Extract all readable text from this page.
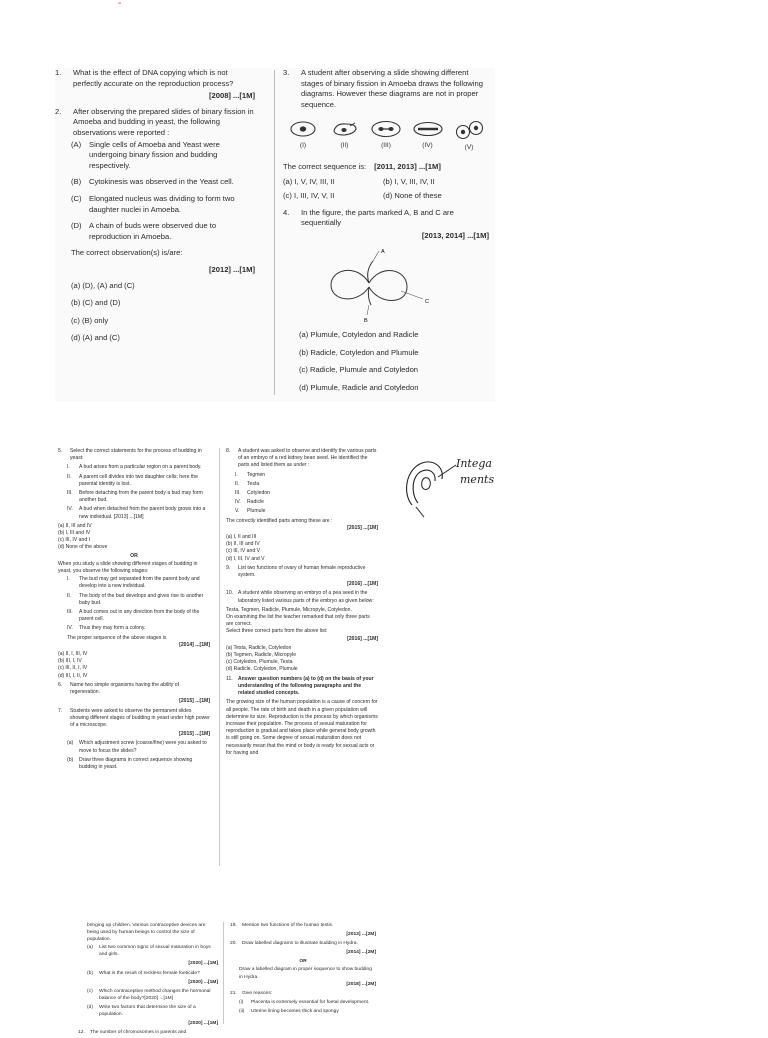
-
1.	What is the effect of DNA copying which is not perfectly accurate on the reproduction process?
[2008] ...[1M]
2.	After observing the prepared slides of binary fission in Amoeba and budding in yeast, the following observations were reported :
(A)	Single cells of Amoeba and Yeast were undergoing binary fission and budding respectively.
(B)	Cytokinesis was observed in the Yeast cell.
(C) Elongated nucleus was dividing to form two daughter nuclei in Amoeba.
(D) A chain of buds were observed due to reproduction in Amoeba.
The correct observation(s) is/are:
[2012] ...[1M]
(a) (D), (A) and (C)
(b) (C) and (D)
(c) (B) only
(d) (A) and (C)
3.	A student after observing a slide showing different stages of binary fission in Amoeba draws the following diagrams. However these diagrams are not in proper sequence.
(I)	(II)	(III)	(IV)	(V)
The correct sequence is: [2011, 2013] ...[1M]
(a) I, V, IV, III, II	(b) I, V, III, IV, II
(c) I, III, IV, V, II	(d) None of these
4.	In the figure, the parts marked A, B and C are sequentially
[2013, 2014] ...[1M]
A
B
C
(a) Plumule, Cotyledon and Radicle
(b) Radicle, Cotyledon and Plumule
(c) Radicle, Plumule and Cotyledon
(d) Plumule, Radicle and Cotyledon
5.	Select the correct statements for the process of budding in yeast:
I.	A bud arises from a particular region on a parent body.
II.	A parent cell divides into two daughter cells; here the parental identity is lost.
III.	Before detaching from the parent body a bud may form another bud.
IV.	A bud when detached from the parent body grows into a new individual. [2013] ...[1M]
(a) II, III and IV
(b) I, III and IV
(c) III, IV and I
(d) None of the above
OR
When you study a slide showing different stages of budding in yeast, you observe the following stages:
I.	The bud may get separated from the parent body and develop into a new individual.
II.	The body of the bud develops and gives rise to another baby bud.
III.	A bud comes out in any direction from the body of the parent cell.
IV.	Thus they may form a colony.
The proper sequence of the above stages is
[2014] ...[1M]
(a) II, I, III, IV
(b) III, I, IV
(c) III, II, I, IV
(d) III, I, II, IV
6.	Name two simple organisms having the ability of regeneration.
[2015] ...[1M]
7.	Students were asked to observe the permanent slides showing different stages of budding in yeast under high power of a microscope.
[2015] ...[1M]
(a)	Which adjustment screw (coarse/fine) were you asked to move to focus the slides?
(b)	Draw three diagrams in correct sequence showing budding in yeast.
8.	A student was asked to observe and identify the various parts of an embryo of a red kidney bean seed. He identified the parts and listed them as under :
I.	Tegmen
II.	Testa
III.	Cotyledon
IV.	Radicle
V.	Plumule
The correctly identified parts among these are :
[2015] ...[1M]
(a) I, II and III
(b) II, III and IV
(c) III, IV and V
(d) I, III, IV and V
9.	List two functions of ovary of human female reproductive system.
[2016] ...[1M]
10. A student while observing an embryo of a pea seed in the laboratory listed various parts of the embryo as given below:
Testa, Tegmen, Radicle, Plumule, Micropyle, Cotyledon.
On examining the list the teacher remarked that only three parts are correct.
Select three correct parts from the above list:
[2016] ...[1M]
(a) Testa, Radicle, Cotyledon
(b) Tegmen, Radicle, Micropyle
(c) Cotyledon, Plumule, Testa
(d) Radicle, Cotyledon, Plumule
11.	Answer question numbers (a) to (d) on the basis of your understanding of the following paragraphs and the related studied concepts.
The growing size of the human population is a cause of concern for all people. The rate of birth and death in a given population will determine its size. Reproduction is the process by which organisms increase their population. The process of sexual maturation for reproduction is gradual and takes place while general body growth is still going on. Some degree of sexual maturation does not necessarily mean that the mind or body is ready for sexual acts or for having and
Intega
ments
bringing up children. Various contraceptive devices are being used by human beings to control the size of population.
(a)	List two common signs of sexual maturation in boys and girls.
[2020] ...[1M]
(b)	What is the result of reckless female foeticide?
[2020] ...[1M]
(c)	Which contraceptive method changes the hormonal balance of the body?[2020] ...[1M]
(d)	Write two factors that determine the size of a population.
[2020] ...[1M]
12.	The number of chromosomes in parents and
19.	Mention two functions of the human testis.
[2013] ...[2M]
20.	Draw labelled diagrams to illustrate budding in Hydra.
[2014] ...[2M]
OR
Draw a labelled diagram in proper sequence to show budding in Hydra.
[2018] ...[2M]
21.	Give reasons:
(i)	Placenta is extremely essential for foetal development.
(ii)	Uterine lining becomes thick and spongy
